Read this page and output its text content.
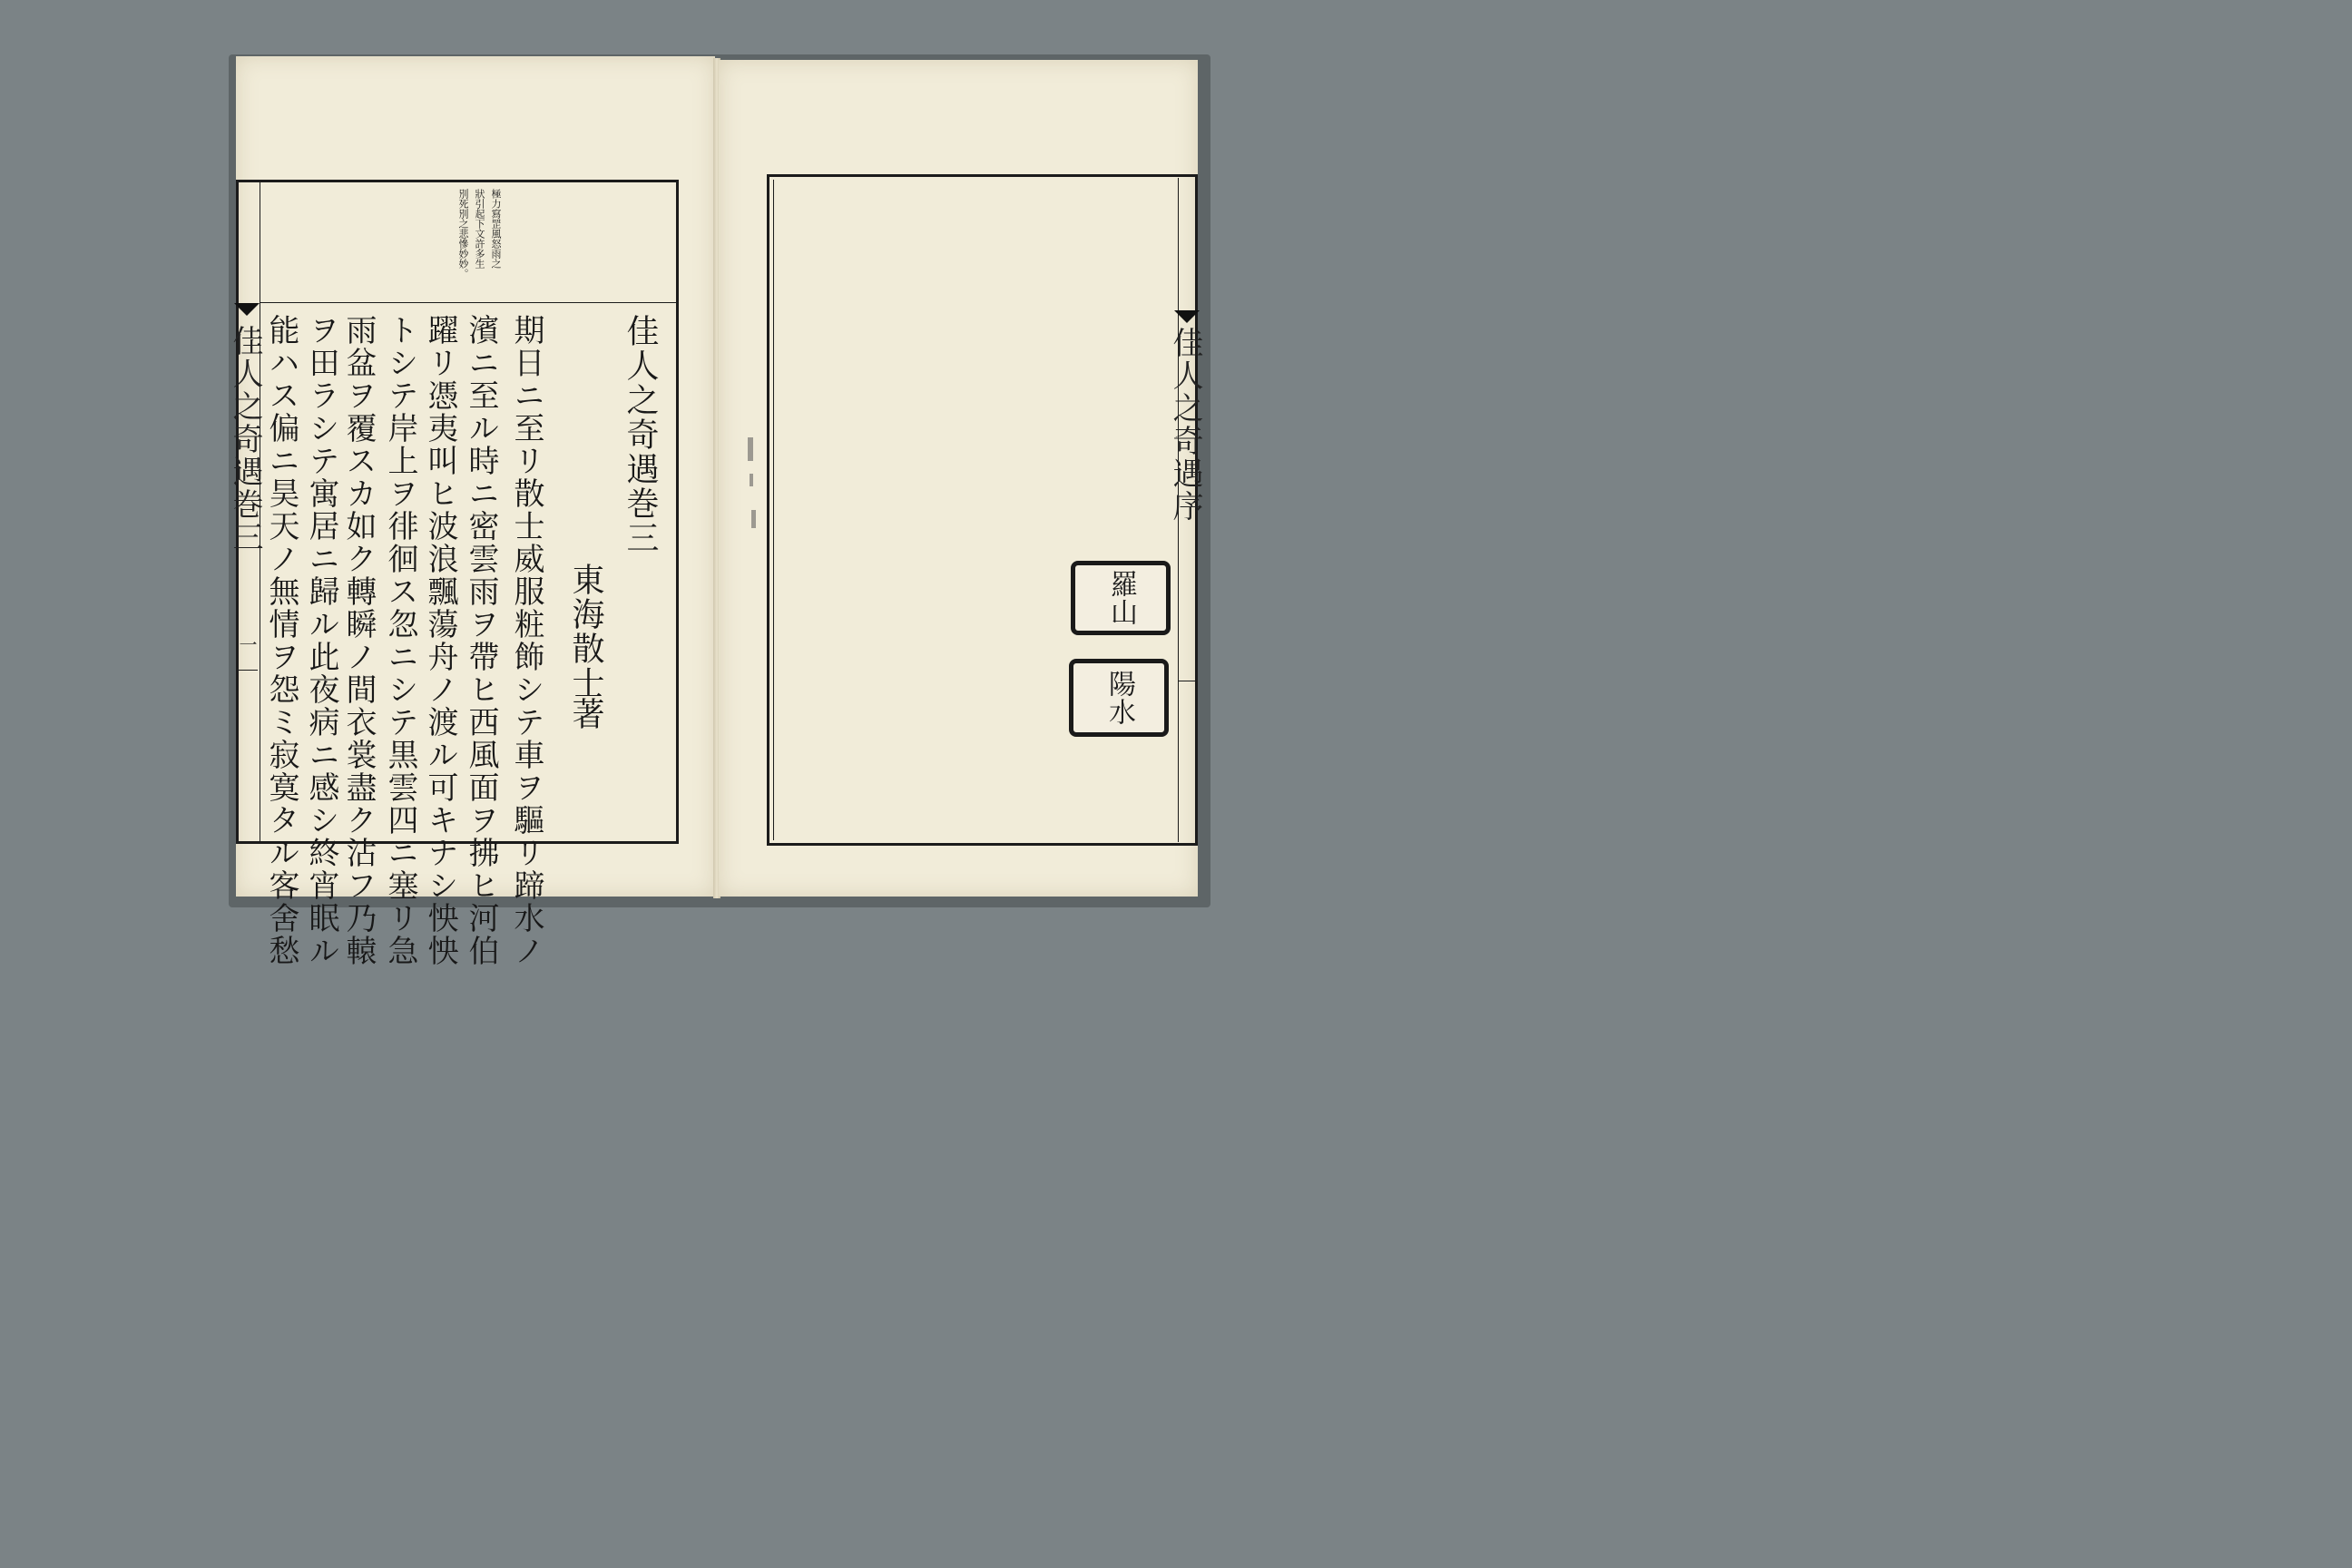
極力寫罡風怒雨之
狀引起下文許多生
別死別之悲慘妙妙。
佳人之奇遇巻三
東海散士
著
期日ニ至リ散士威服粧飾シテ車ヲ驅リ蹄水ノ
濱ニ至ル時ニ密雲雨ヲ帶ヒ西風面ヲ拂ヒ河伯
躍リ憑夷叫ヒ波浪飄蕩舟ノ渡ル可キナシ怏怏
トシテ岸上ヲ徘徊ス忽ニシテ黒雲四ニ塞リ急
雨盆ヲ覆スカ如ク轉瞬ノ間衣裳盡ク沾フ乃轅
ヲ田ラシテ寓居ニ歸ル此夜病ニ感シ終宵眠ル
能ハス偏ニ昊天ノ無情ヲ怨ミ寂寞タル客舍愁
佳人之奇遇巻三
一
佳人之奇遇序
羅山
陽水
